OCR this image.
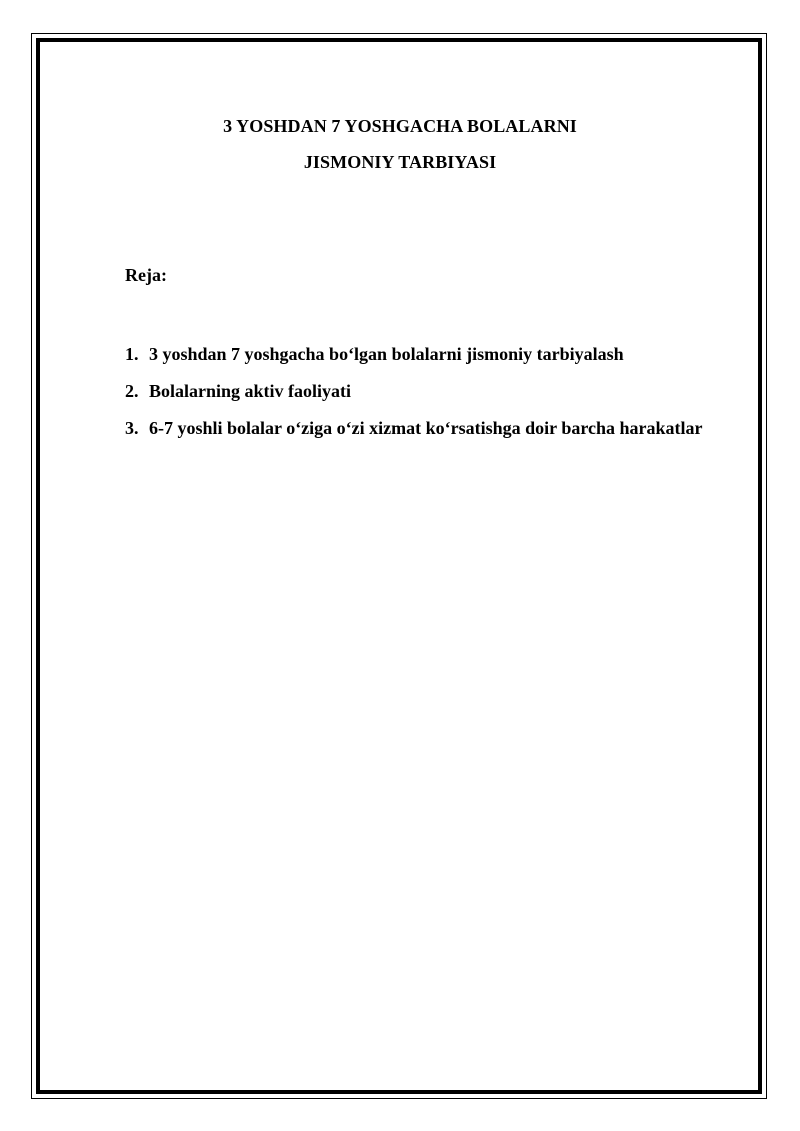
3 YOSHDAN 7 YOSHGACHA BOLALARNI
JISMONIY TARBIYASI
Reja:
1. 3 yoshdan 7 yoshgacha bo‘lgan bolalarni jismoniy tarbiyalash
2. Bolalarning aktiv faoliyati
3. 6-7 yoshli bolalar o‘ziga o‘zi xizmat ko‘rsatishga doir barcha harakatlar
